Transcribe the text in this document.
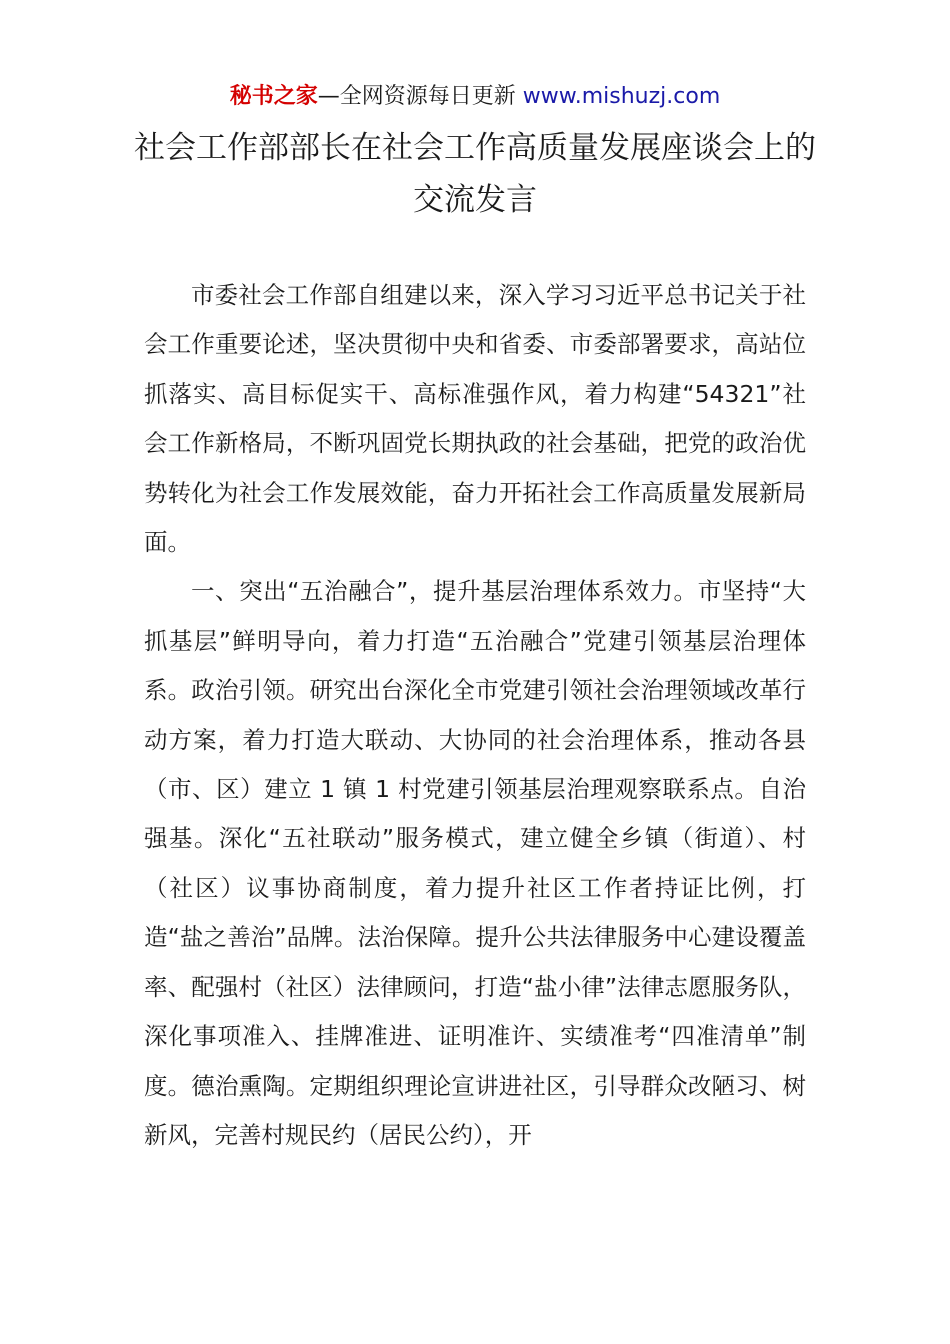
秘书之家—全网资源每日更新 www.mishuzj.com
社会工作部部长在社会工作高质量发展座谈会上的交流发言

市委社会工作部自组建以来，深入学习习近平总书记关于社会工作重要论述，坚决贯彻中央和省委、市委部署要求，高站位抓落实、高目标促实干、高标准强作风，着力构建“54321”社会工作新格局，不断巩固党长期执政的社会基础，把党的政治优势转化为社会工作发展效能，奋力开拓社会工作高质量发展新局面。

一、突出“五治融合”，提升基层治理体系效力。市坚持“大抓基层”鲜明导向，着力打造“五治融合”党建引领基层治理体系。政治引领。研究出台深化全市党建引领社会治理领域改革行动方案，着力打造大联动、大协同的社会治理体系，推动各县（市、区）建立 1 镇 1 村党建引领基层治理观察联系点。自治强基。深化“五社联动”服务模式，建立健全乡镇（街道）、村（社区）议事协商制度，着力提升社区工作者持证比例，打造“盐之善治”品牌。法治保障。提升公共法律服务中心建设覆盖率、配强村（社区）法律顾问，打造“盐小律”法律志愿服务队，深化事项准入、挂牌准进、证明准许、实绩准考“四准清单”制度。德治熏陶。定期组织理论宣讲进社区，引导群众改陋习、树新风，完善村规民约（居民公约），开
